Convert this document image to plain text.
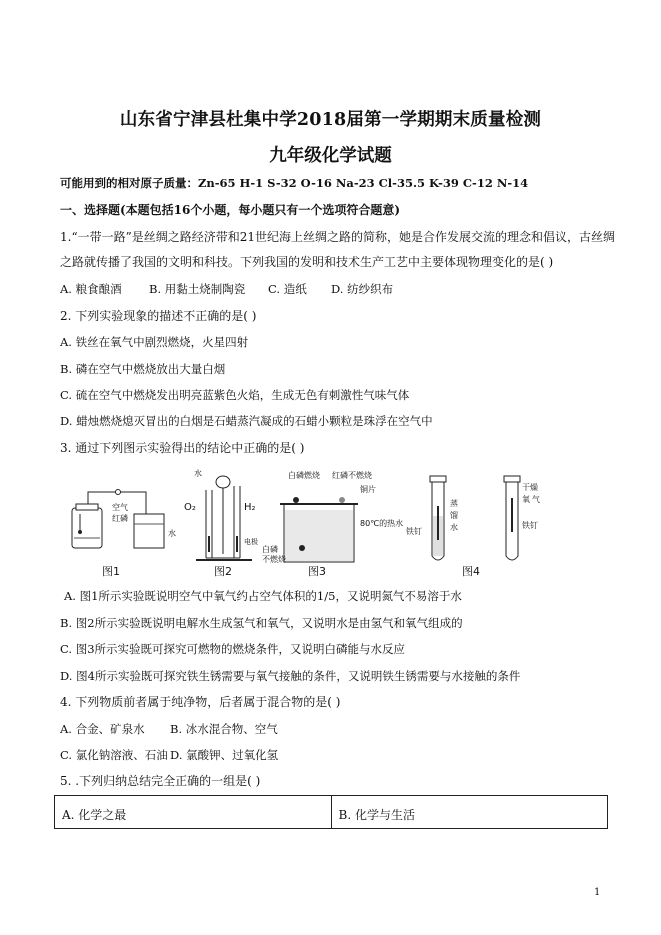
山东省宁津县杜集中学2018届第一学期期末质量检测
九年级化学试题
可能用到的相对原子质量：Zn-65 H-1 S-32 O-16 Na-23 Cl-35.5 K-39 C-12 N-14
一、选择题(本题包括16个小题，每小题只有一个选项符合题意)
1.“一带一路”是丝绸之路经济带和21世纪海上丝绸之路的简称，她是合作发展交流的理念和倡议，古丝绸
之路就传播了我国的文明和科技。下列我国的发明和技术生产工艺中主要体现物理变化的是( )
A. 粮食酿酒 B. 用黏土烧制陶瓷 C. 造纸 D. 纺纱织布
2. 下列实验现象的描述不正确的是( )
A. 铁丝在氧气中剧烈燃烧，火星四射
B. 磷在空气中燃烧放出大量白烟
C. 硫在空气中燃烧发出明亮蓝紫色火焰，生成无色有刺激性气味气体
D. 蜡烛燃烧熄灭冒出的白烟是石蜡蒸汽凝成的石蜡小颗粒是珠浮在空气中
3. 通过下列图示实验得出的结论中正确的是( )
空气
红磷
水
图1
水
O₂	H₂
电极
图2
白磷燃烧 红磷不燃烧
铜片
80℃的热水
白磷
不燃烧
图3
铁钉
蒸
馏
水
干燥
氧 气
铁钉
图4
A. 图1所示实验既说明空气中氧气约占空气体积的1/5，又说明氮气不易溶于水
B. 图2所示实验既说明电解水生成氢气和氧气，又说明水是由氢气和氧气组成的
C. 图3所示实验既可探究可燃物的燃烧条件，又说明白磷能与水反应
D. 图4所示实验既可探究铁生锈需要与氧气接触的条件，又说明铁生锈需要与水接触的条件
4. 下列物质前者属于纯净物，后者属于混合物的是( )
A. 合金、矿泉水 B. 冰水混合物、空气
C. 氯化钠溶液、石油 D. 氯酸钾、过氧化氢
5. .下列归纳总结完全正确的一组是( )
A. 化学之最	B. 化学与生活
1
